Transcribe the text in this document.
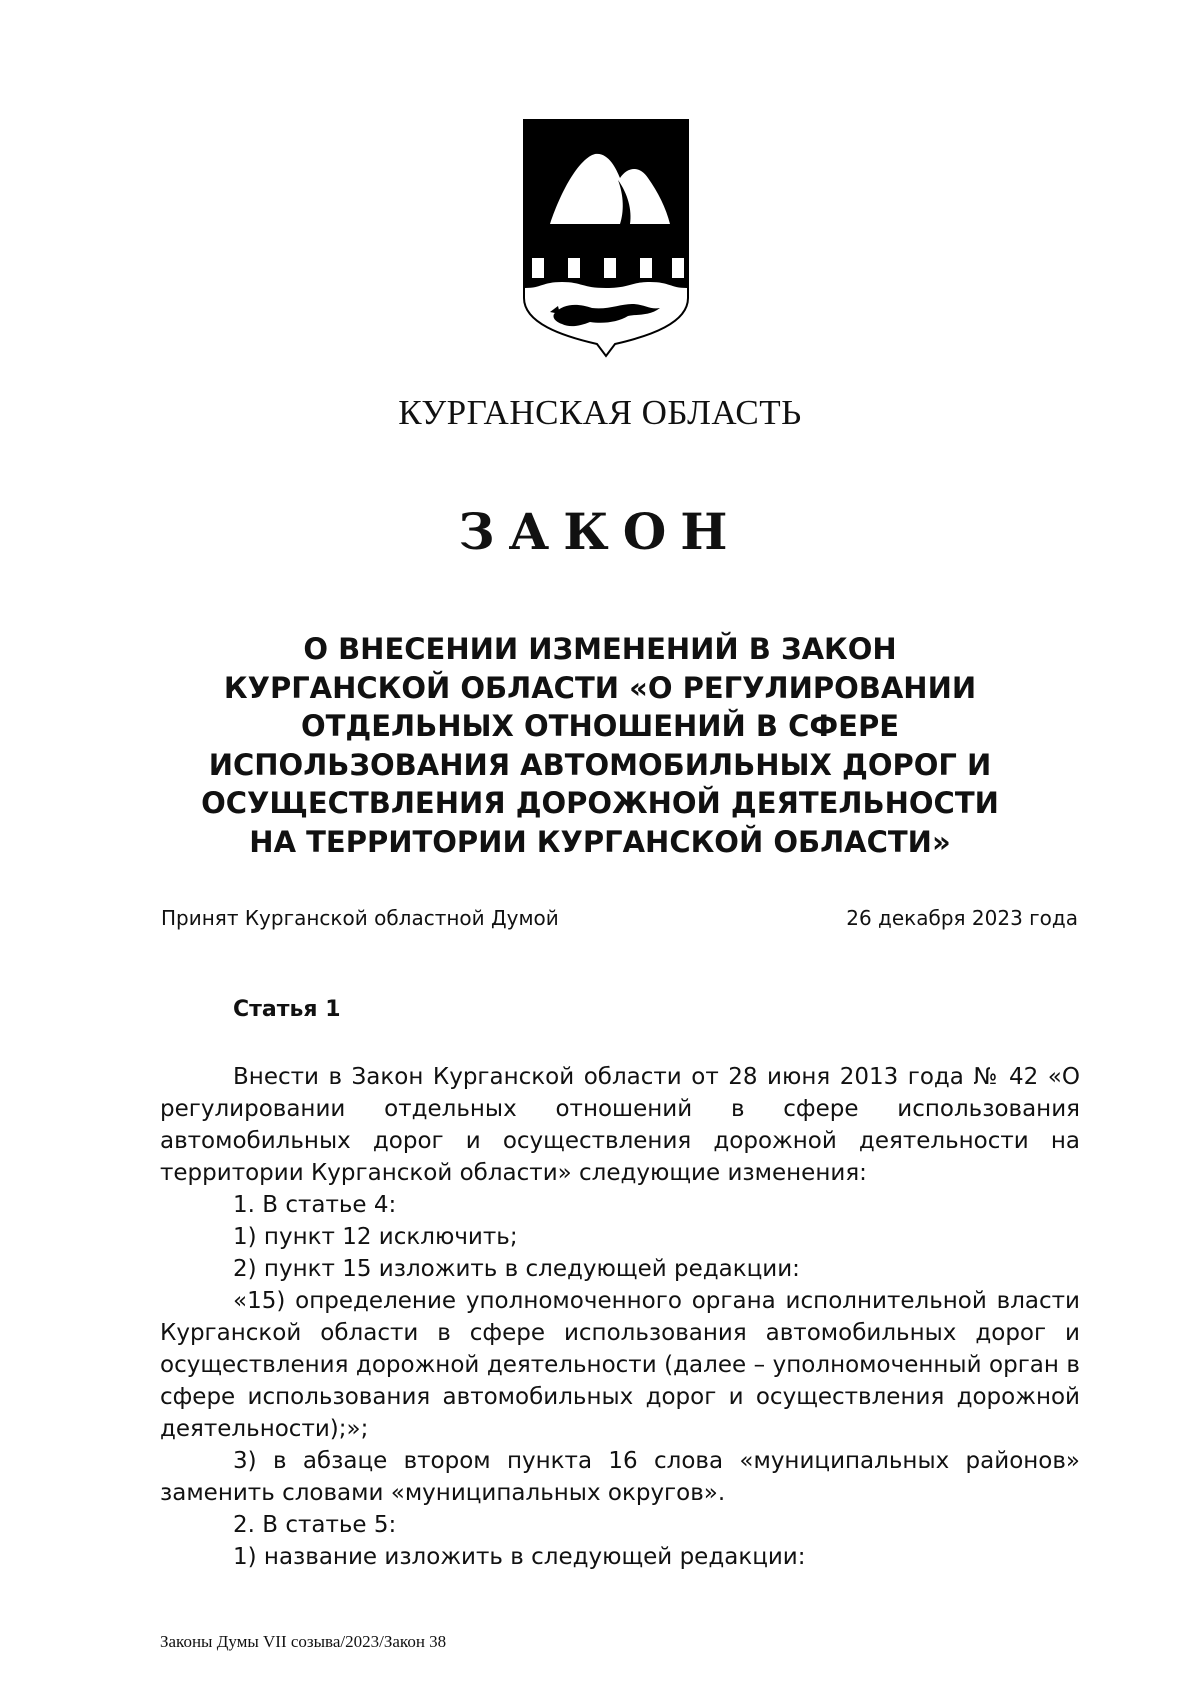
КУРГАНСКАЯ ОБЛАСТЬ
ЗАКОН
О ВНЕСЕНИИ ИЗМЕНЕНИЙ В ЗАКОН КУРГАНСКОЙ ОБЛАСТИ «О РЕГУЛИРОВАНИИ ОТДЕЛЬНЫХ ОТНОШЕНИЙ В СФЕРЕ ИСПОЛЬЗОВАНИЯ АВТОМОБИЛЬНЫХ ДОРОГ И ОСУЩЕСТВЛЕНИЯ ДОРОЖНОЙ ДЕЯТЕЛЬНОСТИ НА ТЕРРИТОРИИ КУРГАНСКОЙ ОБЛАСТИ»
Принят Курганской областной Думой	26 декабря 2023 года
Статья 1

Внести в Закон Курганской области от 28 июня 2013 года № 42 «О регулировании отдельных отношений в сфере использования автомобильных дорог и осуществления дорожной деятельности на территории Курганской области» следующие изменения:

1. В статье 4:

1) пункт 12 исключить;

2) пункт 15 изложить в следующей редакции:

«15) определение уполномоченного органа исполнительной власти Курганской области в сфере использования автомобильных дорог и осуществления дорожной деятельности (далее – уполномоченный орган в сфере использования автомобильных дорог и осуществления дорожной деятельности);»;

3) в абзаце втором пункта 16 слова «муниципальных районов» заменить словами «муниципальных округов».

2. В статье 5:

1) название изложить в следующей редакции:

Законы Думы VII созыва/2023/Закон 38
